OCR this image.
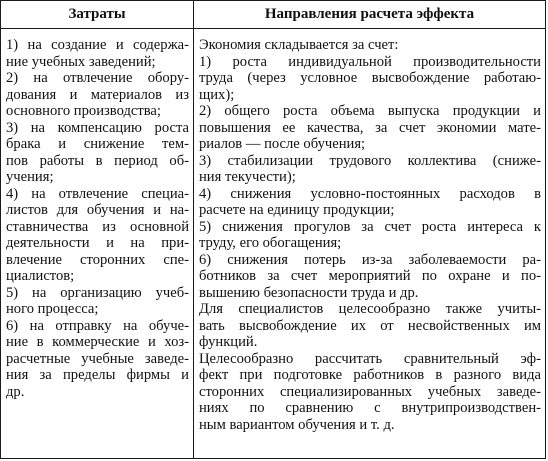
Затраты	Направления расчета эффекта
1) на создание и содержа-
ние учебных заведений;
2) на отвлечение обору-
дования и материалов из
основного производства;
3) на компенсацию роста
брака и снижение тем-
пов работы в период об-
учения;
4) на отвлечение специа-
листов для обучения и на-
ставничества из основной
деятельности и на при-
влечение сторонних спе-
циалистов;
5) на организацию учеб-
ного процесса;
6) на отправку на обуче-
ние в коммерческие и хоз-
расчетные учебные заведе-
ния за пределы фирмы и
др.
Экономия складывается за счет:
1) роста индивидуальной производительности
труда (через условное высвобождение работаю-
щих);
2) общего роста объема выпуска продукции и
повышения ее качества, за счет экономии мате-
риалов — после обучения;
3) стабилизации трудового коллектива (сниже-
ния текучести);
4) снижения условно-постоянных расходов в
расчете на единицу продукции;
5) снижения прогулов за счет роста интереса к
труду, его обогащения;
6) снижения потерь из-за заболеваемости ра-
ботников за счет мероприятий по охране и по-
вышению безопасности труда и др.
Для специалистов целесообразно также учиты-
вать высвобождение их от несвойственных им
функций.
Целесообразно рассчитать сравнительный эф-
фект при подготовке работников в разного вида
сторонних специализированных учебных заведе-
ниях по сравнению с внутрипроизводствен-
ным вариантом обучения и т. д.
